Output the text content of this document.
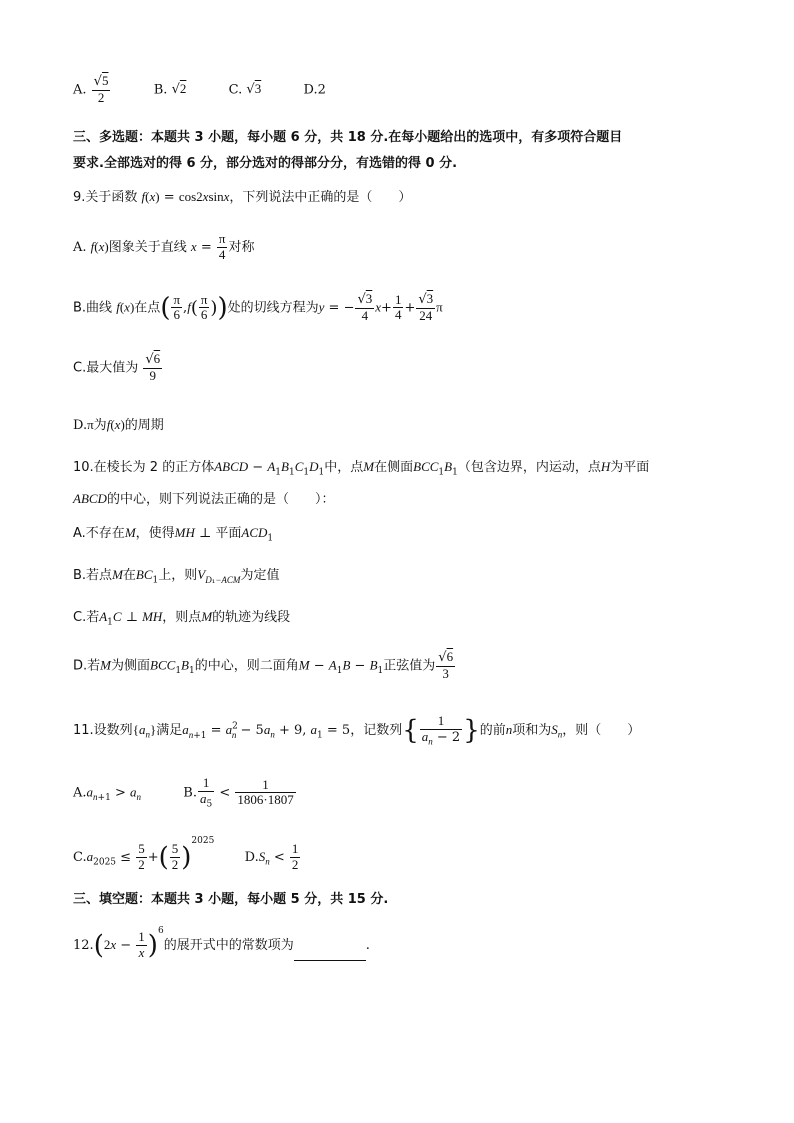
A. $\frac{√5}{2}$	B. √2	C. √3	D.2
三、多选题：本题共 3 小题，每小题 6 分，共 18 分.在每小题给出的选项中，有多项符合题目
要求.全部选对的得 6 分，部分选对的得部分分，有选错的得 0 分.
9.关于函数 f(x) = cos2xsinx，下列说法中正确的是（　　）
A. f(x)图象关于直线 $x = \frac{\pi}{4}$ 对称
B.曲线 f(x)在点( $\frac{\pi}{6} ,f( \frac{\pi}{6}$ ))处的切线方程为y = − $\frac{√3}{4} x+ \frac{1}{4} + \frac{√3}{24}$ π
C.最大值为 $\frac{√6}{9}$
D.π为f(x)的周期
10.在棱长为 2 的正方体ABCD − $A_1B_1C_1D_1$中，点M在侧面$BCC_1B_1$（包含边界，内运动，点H为平面
ABCD的中心，则下列说法正确的是（　　）：
A.不存在M，使得MH ⊥ 平面$ACD_1$
B.若点M在$BC_1$上，则$V_{D_1-ACM}$为定值
C.若$A_1C$ ⊥ MH，则点M的轨迹为线段
D.若M为侧面$BCC_1B_1$的中心，则二面角$M - A_1B - B_1$正弦值为 $\frac{√6}{3}$
11.设数列$\{a_n\}$满足$a_{n+1} = a^2_n - 5a_n + 9$, $a_1 = 5$，记数列{ $\frac{1}{a_n - 2}$ }的前n项和为$S_n$，则（　　）
$A.a_{n+1} > a_n$	B. $\frac{1}{a_5} < \frac{1}{1806\cdot 1807}$
$C.a_{2025} \le \frac{5}{2}$ +( $\frac{5}{2} )^{2025}$  $D.S_n < \frac{1}{2}$
三、填空题：本题共 3 小题，每小题 5 分，共 15 分.
$12.(2x - \frac{1}{x} )^6$的展开式中的常数项为	.
